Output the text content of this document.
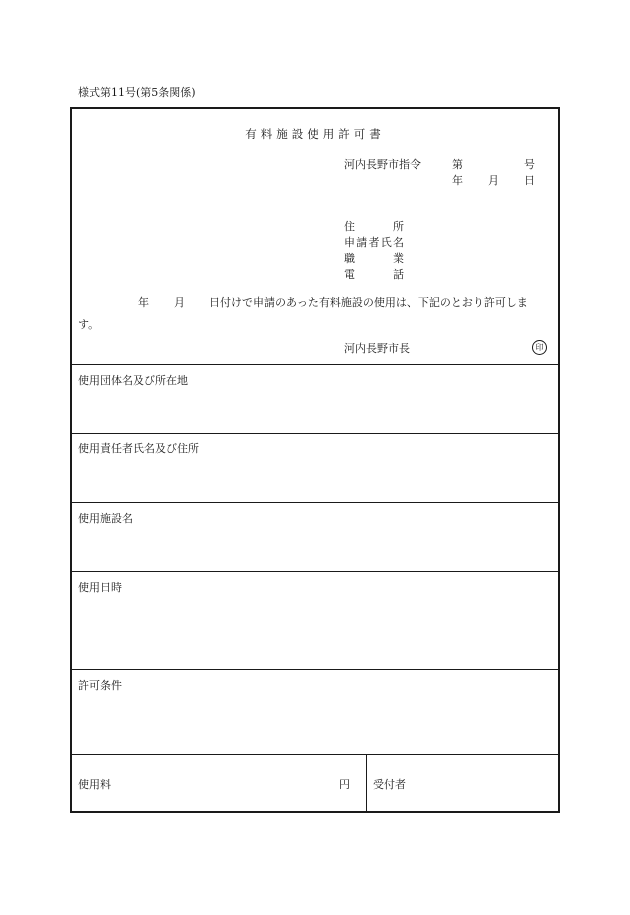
様式第11号(第5条関係)
有料施設使用許可書
河内長野市指令	第	号
年 月 日
住　　所
申請者氏名
職　　業
電　　話
年 月 日付けで申請のあった有料施設の使用は、下記のとおり許可しま
す。
河内長野市長	印
使用団体名及び所在地
使用責任者氏名及び住所
使用施設名
使用日時
許可条件
使用料	円 受付者
